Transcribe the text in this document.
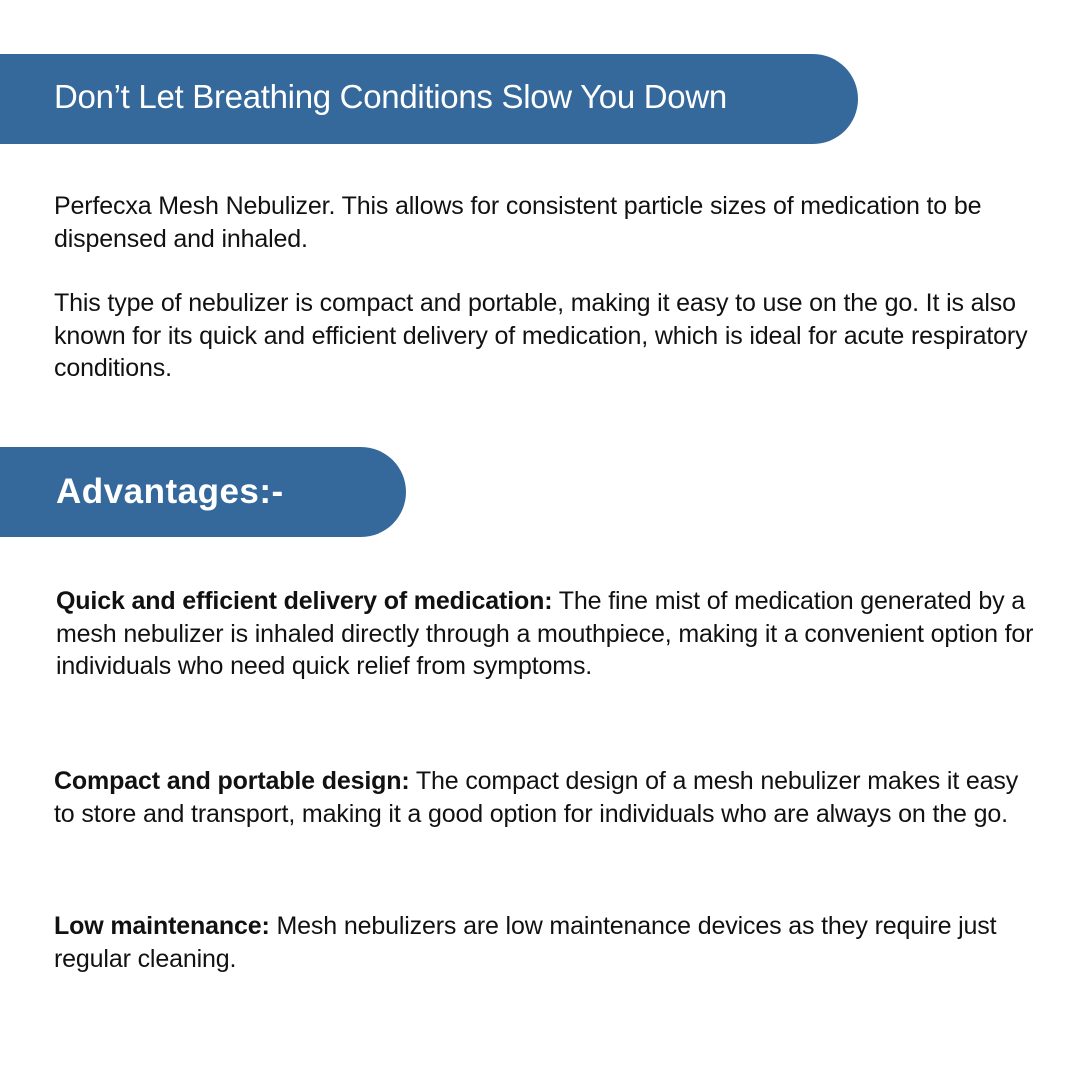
Don’t Let Breathing Conditions Slow You Down

Perfecxa Mesh Nebulizer. This allows for consistent particle sizes of medication to be dispensed and inhaled.

This type of nebulizer is compact and portable, making it easy to use on the go. It is also known for its quick and efficient delivery of medication, which is ideal for acute respiratory conditions.

Advantages:-

Quick and efficient delivery of medication: The fine mist of medication generated by a mesh nebulizer is inhaled directly through a mouthpiece, making it a convenient option for individuals who need quick relief from symptoms.

Compact and portable design: The compact design of a mesh nebulizer makes it easy to store and transport, making it a good option for individuals who are always on the go.

Low maintenance: Mesh nebulizers are low maintenance devices as they require just regular cleaning.
